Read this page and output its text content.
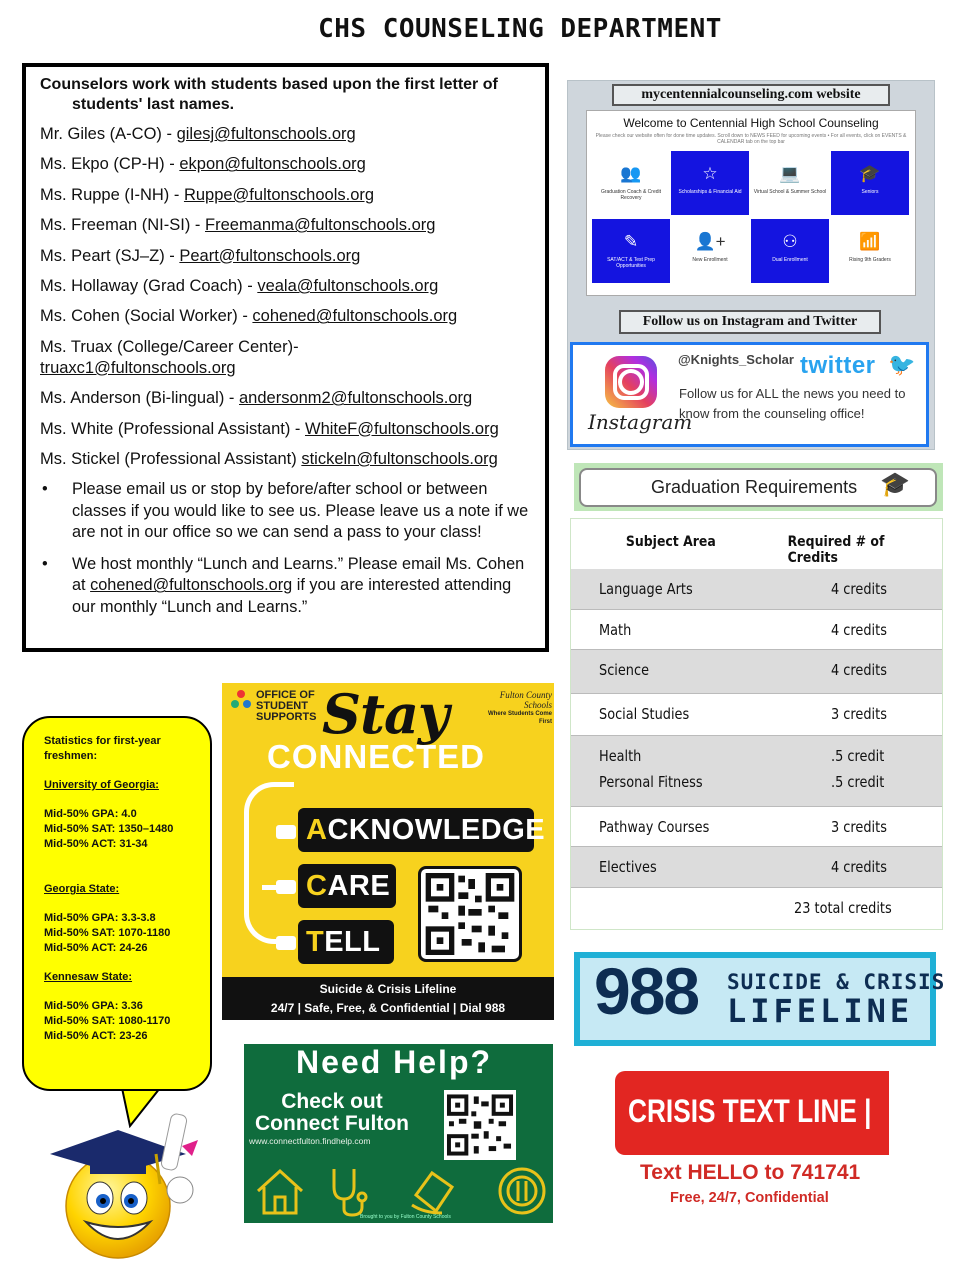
CHS COUNSELING DEPARTMENT
Counselors work with students based upon the first letter of students' last names.
Mr. Giles (A-CO) - gilesj@fultonschools.org
Ms. Ekpo (CP-H) - ekpon@fultonschools.org
Ms. Ruppe (I-NH) - Ruppe@fultonschools.org
Ms. Freeman (NI-SI) - Freemanma@fultonschools.org
Ms. Peart (SJ–Z) - Peart@fultonschools.org
Ms. Hollaway (Grad Coach) - veala@fultonschools.org
Ms. Cohen (Social Worker) - cohened@fultonschools.org
Ms. Truax (College/Career Center)-
truaxc1@fultonschools.org
Ms. Anderson (Bi-lingual) - andersonm2@fultonschools.org
Ms. White (Professional Assistant) - WhiteF@fultonschools.org
Ms. Stickel (Professional Assistant) stickeln@fultonschools.org
• Please email us or stop by before/after school or between classes if you would like to see us. Please leave us a note if we are not in our office so we can send a pass to your class!
• We host monthly “Lunch and Learns.” Please email Ms. Cohen at cohened@fultonschools.org if you are interested attending our monthly “Lunch and Learns.”
mycentennialcounseling.com website
Welcome to Centennial High School Counseling
Please check our website often for done time updates. Scroll down to NEWS FEED for upcoming events • For all events, click on EVENTS & CALENDAR tab on the top bar
👥
Graduation Coach & Credit Recovery
☆
Scholarships & Financial Aid
💻
Virtual School & Summer School
🎓
Seniors
✎
SAT/ACT & Test Prep Opportunities
👤+
New Enrollment
⚇
Dual Enrollment
📶
Rising 9th Graders
Follow us on Instagram and Twitter
Instagram
@Knights_Scholar twitter 🐦
Follow us for ALL the news you need to know from the counseling office!
Graduation Requirements 🎓
Subject Area	Required # of Credits
Language Arts	4 credits
Math	4 credits
Science	4 credits
Social Studies	3 credits
Health	.5 credit
Personal Fitness	.5 credit
Pathway Courses	3 credits
Electives	4 credits
23 total credits
Statistics for first-year freshmen:
University of Georgia:
Mid-50% GPA: 4.0
Mid-50% SAT: 1350–1480
Mid-50% ACT: 31-34
Georgia State:
Mid-50% GPA: 3.3-3.8
Mid-50% SAT: 1070-1180
Mid-50% ACT: 24-26
Kennesaw State:
Mid-50% GPA: 3.36
Mid-50% SAT: 1080-1170
Mid-50% ACT: 23-26
OFFICE OF STUDENT SUPPORTS
Fulton County Schools
Where Students Come First
Stay
CONNECTED
ACKNOWLEDGE
CARE
TELL
Suicide & Crisis Lifeline
24/7 | Safe, Free, & Confidential | Dial 988
Need Help?
Check out Connect Fulton
www.connectfulton.findhelp.com
Brought to you by Fulton County Schools
988 SUICIDE & CRISIS
LIFELINE
CRISIS TEXT LINE |
Text HELLO to 741741
Free, 24/7, Confidential
